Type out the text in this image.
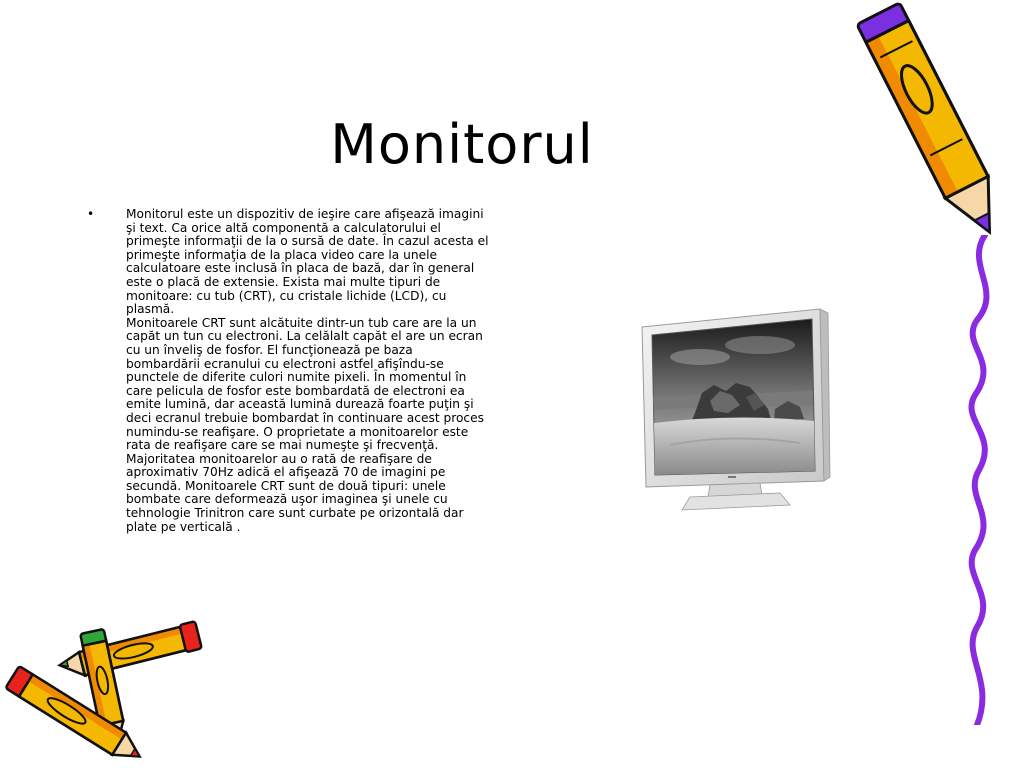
Monitorul
•	Monitorul este un dispozitiv de ieşire care afişează imagini şi text. Ca orice altă componentă a calculatorului el primeşte informaţii de la o sursă de date. În cazul acesta el primeşte informaţia de la placa video care la unele calculatoare este inclusă în placa de bază, dar în general este o placă de extensie. Exista mai multe tipuri de monitoare: cu tub (CRT), cu cristale lichide (LCD), cu plasmă.

Monitoarele CRT sunt alcătuite dintr-un tub care are la un capăt un tun cu electroni. La celălalt capăt el are un ecran cu un înveliş de fosfor. El funcţionează pe baza bombardării ecranului cu electroni astfel afişîndu-se punctele de diferite culori numite pixeli. În momentul în care pelicula de fosfor este bombardată de electroni ea emite lumină, dar această lumină durează foarte puţin şi deci ecranul trebuie bombardat în continuare acest proces numindu-se reafişare. O proprietate a monitoarelor este rata de reafişare care se mai numeşte şi frecvenţă.

Majoritatea monitoarelor au o rată de reafişare de aproximativ 70Hz adică el afişează 70 de imagini pe secundă. Monitoarele CRT sunt de două tipuri: unele bombate care deformează uşor imaginea şi unele cu tehnologie Trinitron care sunt curbate pe orizontală dar plate pe verticală .
